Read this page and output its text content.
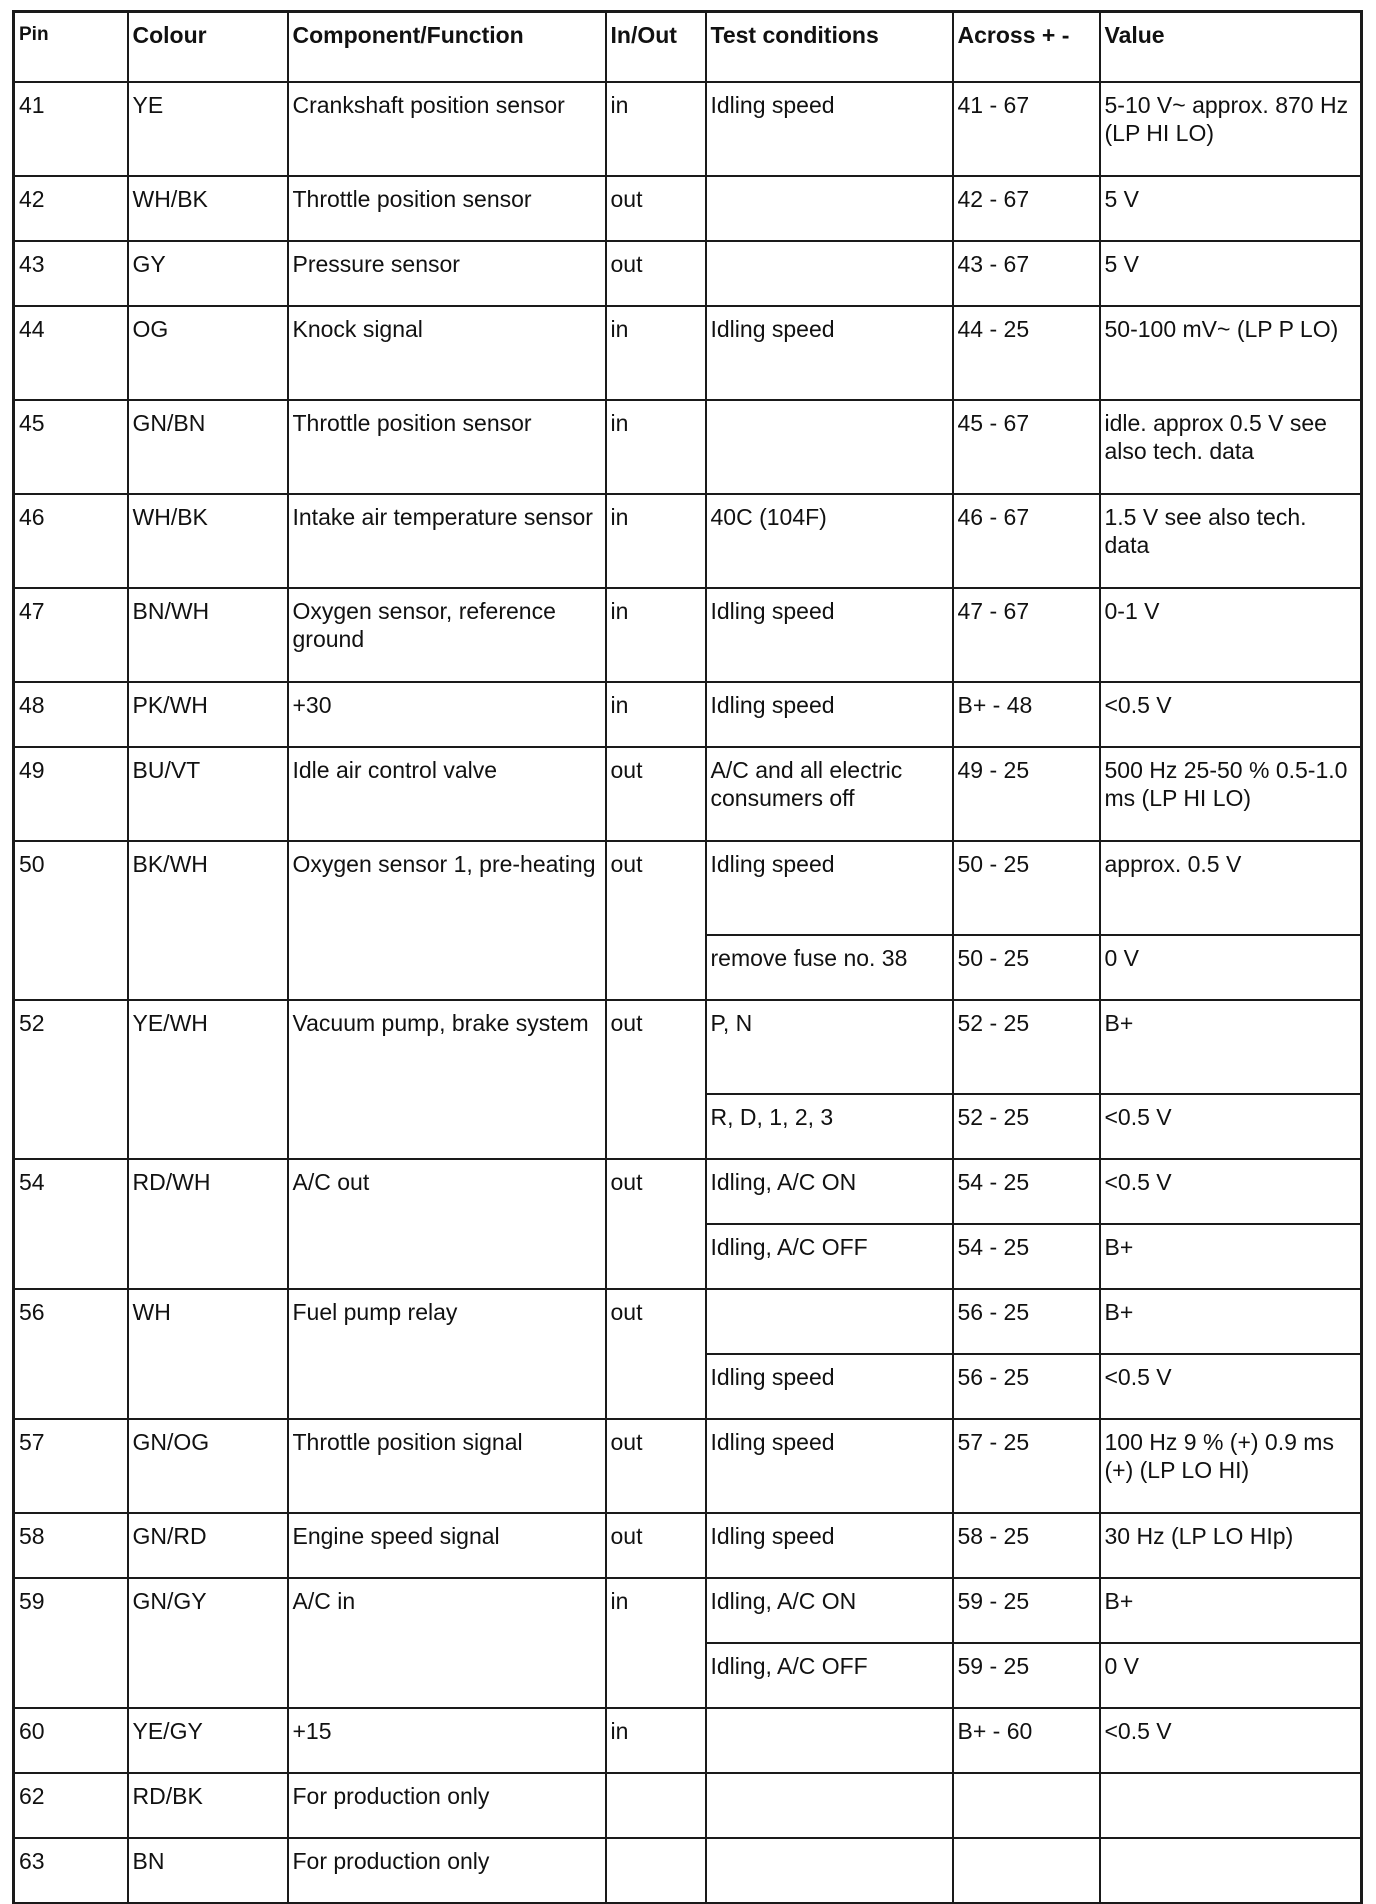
Pin	Colour	Component/Function	In/Out	Test conditions	Across + -	Value
41	YE	Crankshaft position sensor	in	Idling speed	41 - 67	5-10 V~ approx. 870 Hz (LP HI LO)
42	WH/BK	Throttle position sensor	out		42 - 67	5 V
43	GY	Pressure sensor	out		43 - 67	5 V
44	OG	Knock signal	in	Idling speed	44 - 25	50-100 mV~ (LP P LO)
45	GN/BN	Throttle position sensor	in		45 - 67	idle. approx 0.5 V see also tech. data
46	WH/BK	Intake air temperature sensor	in	40C (104F)	46 - 67	1.5 V see also tech. data
47	BN/WH	Oxygen sensor, reference ground	in	Idling speed	47 - 67	0-1 V
48	PK/WH	+30	in	Idling speed	B+ - 48	<0.5 V
49	BU/VT	Idle air control valve	out	A/C and all electric consumers off	49 - 25	500 Hz 25-50 % 0.5-1.0 ms (LP HI LO)
50	BK/WH	Oxygen sensor 1, pre-heating	out	Idling speed	50 - 25	approx. 0.5 V
				remove fuse no. 38	50 - 25	0 V
52	YE/WH	Vacuum pump, brake system	out	P, N	52 - 25	B+
				R, D, 1, 2, 3	52 - 25	<0.5 V
54	RD/WH	A/C out	out	Idling, A/C ON	54 - 25	<0.5 V
				Idling, A/C OFF	54 - 25	B+
56	WH	Fuel pump relay	out		56 - 25	B+
				Idling speed	56 - 25	<0.5 V
57	GN/OG	Throttle position signal	out	Idling speed	57 - 25	100 Hz 9 % (+) 0.9 ms (+) (LP LO HI)
58	GN/RD	Engine speed signal	out	Idling speed	58 - 25	30 Hz (LP LO HIp)
59	GN/GY	A/C in	in	Idling, A/C ON	59 - 25	B+
				Idling, A/C OFF	59 - 25	0 V
60	YE/GY	+15	in		B+ - 60	<0.5 V
62	RD/BK	For production only				
63	BN	For production only				
